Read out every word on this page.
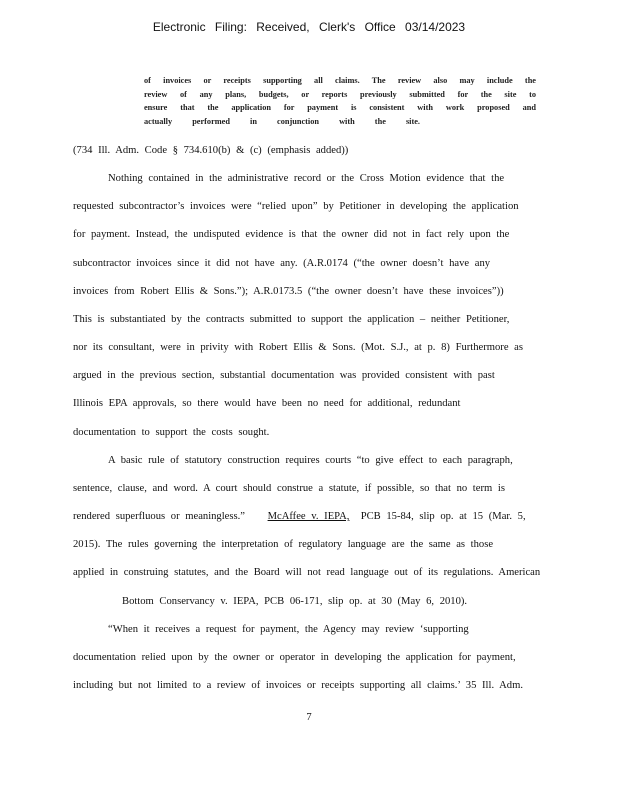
Electronic Filing: Received, Clerk's Office 03/14/2023
of invoices or receipts supporting all claims. The review also may include the
review of any plans, budgets, or reports previously submitted for the site to
ensure that the application for payment is consistent with work proposed and
actually performed in conjunction with the site.
(734 Ill. Adm. Code § 734.610(b) & (c) (emphasis added))
Nothing contained in the administrative record or the Cross Motion evidence that the
requested subcontractor’s invoices were “relied upon” by Petitioner in developing the application
for payment. Instead, the undisputed evidence is that the owner did not in fact rely upon the
subcontractor invoices since it did not have any. (A.R.0174 (“the owner doesn’t have any
invoices from Robert Ellis & Sons.”); A.R.0173.5 (“the owner doesn’t have these invoices”))
This is substantiated by the contracts submitted to support the application – neither Petitioner,
nor its consultant, were in privity with Robert Ellis & Sons. (Mot. S.J., at p. 8) Furthermore as
argued in the previous section, substantial documentation was provided consistent with past
Illinois EPA approvals, so there would have been no need for additional, redundant
documentation to support the costs sought.
A basic rule of statutory construction requires courts “to give effect to each paragraph,
sentence, clause, and word. A court should construe a statute, if possible, so that no term is
rendered superfluous or meaningless.” McAffee v. IEPA, PCB 15-84, slip op. at 15 (Mar. 5,
2015). The rules governing the interpretation of regulatory language are the same as those
applied in construing statutes, and the Board will not read language out of its regulations. American
Bottom Conservancy v. IEPA, PCB 06-171, slip op. at 30 (May 6, 2010).
“When it receives a request for payment, the Agency may review ‘supporting
documentation relied upon by the owner or operator in developing the application for payment,
including but not limited to a review of invoices or receipts supporting all claims.’ 35 Ill. Adm.
7
